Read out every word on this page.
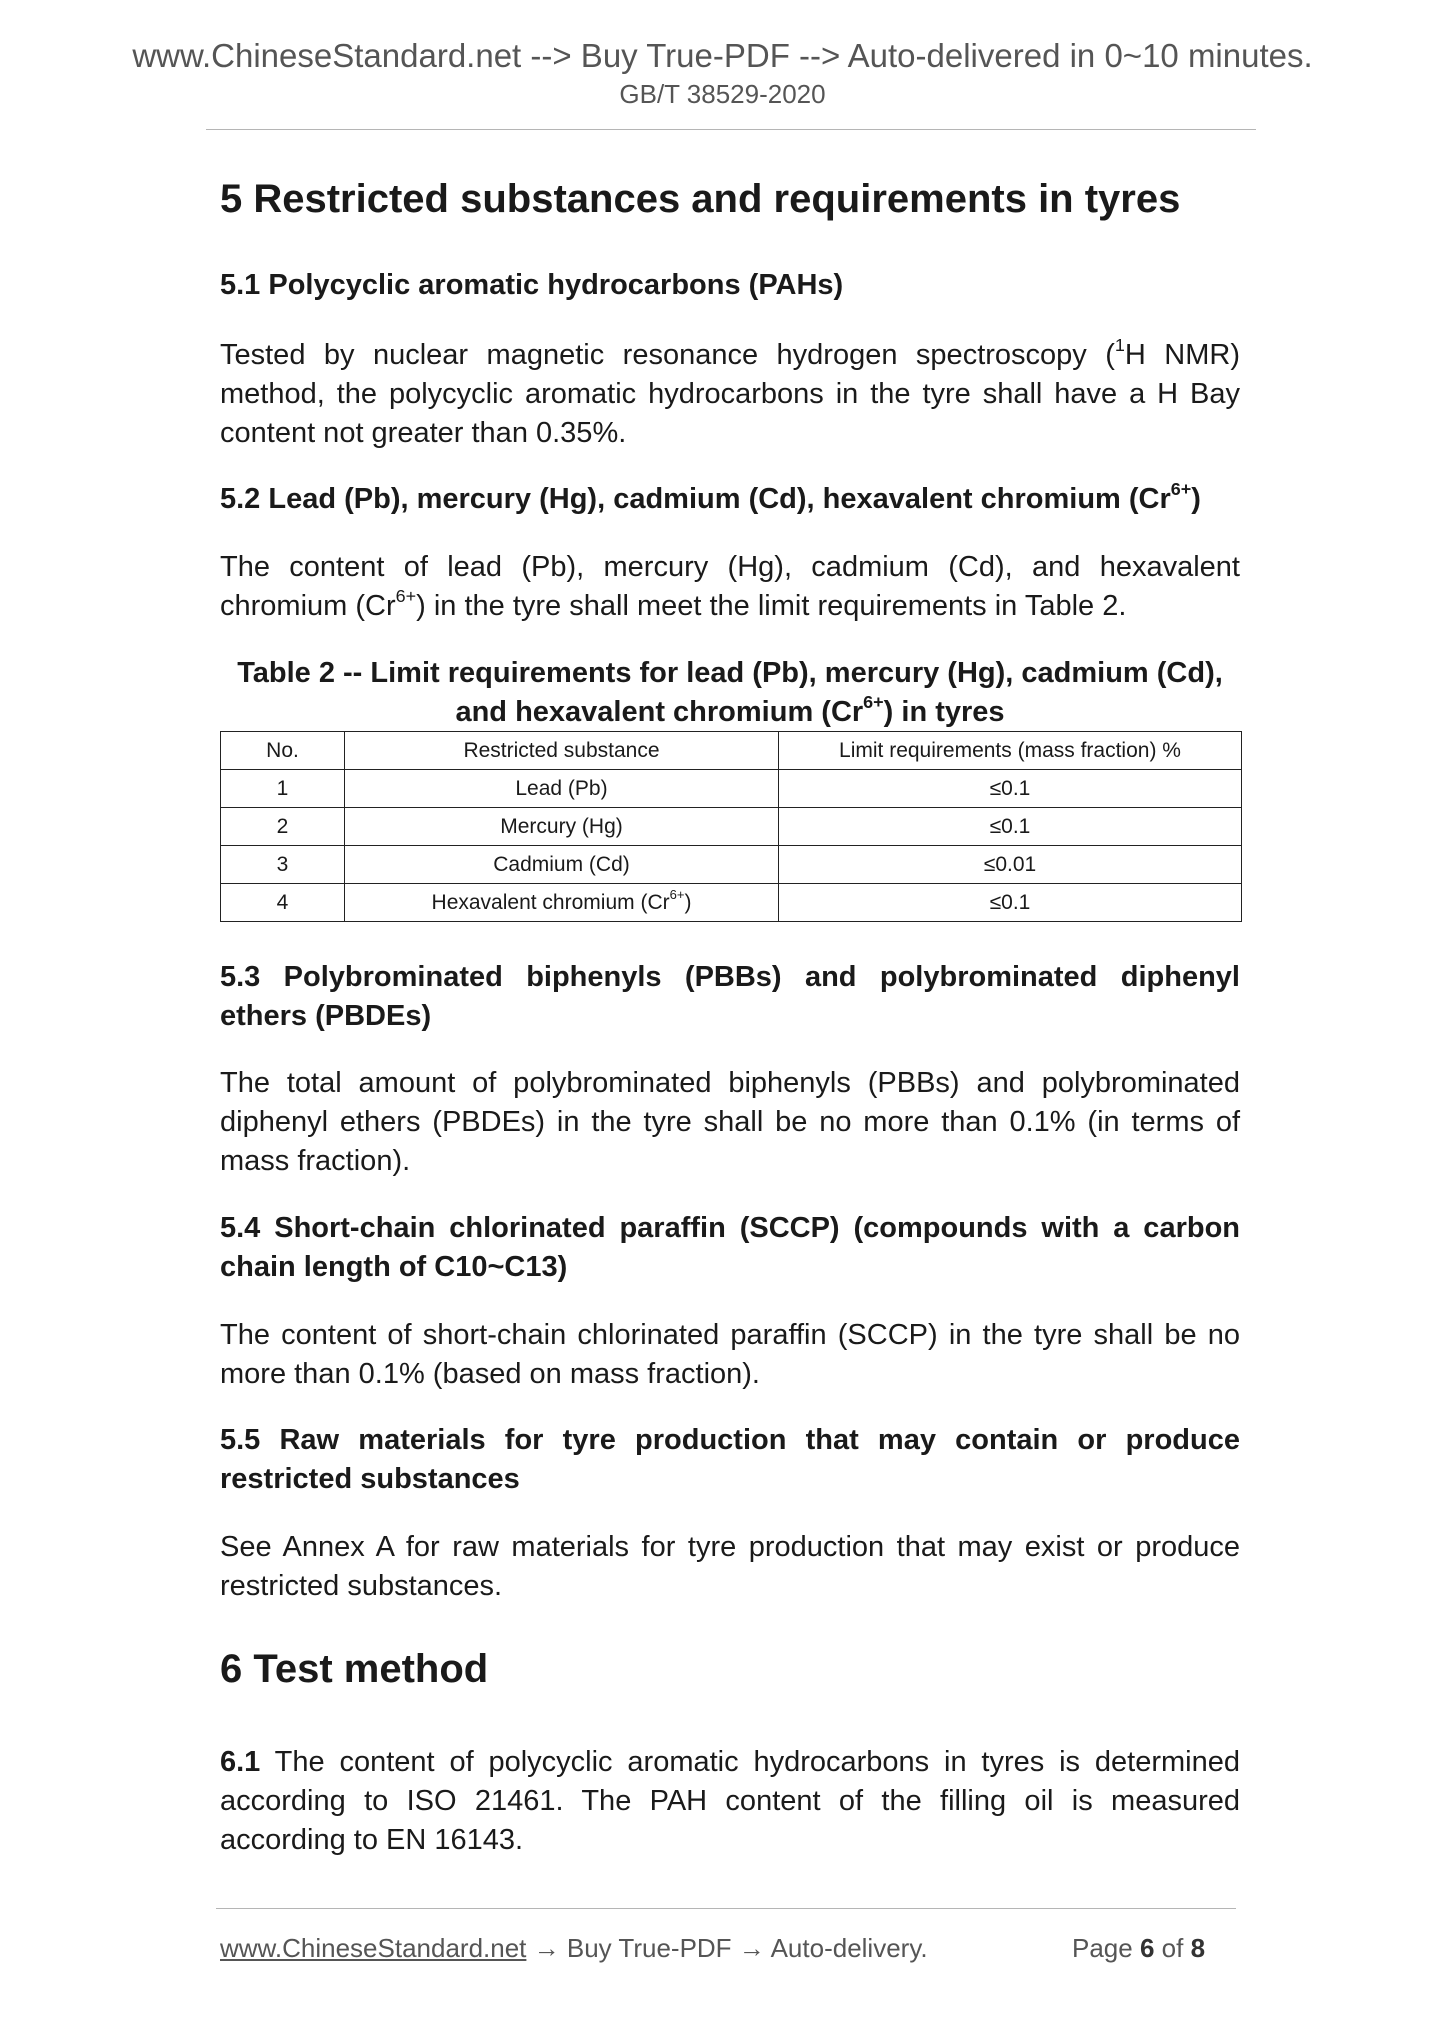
www.ChineseStandard.net --> Buy True-PDF --> Auto-delivered in 0~10 minutes.
GB/T 38529-2020
5 Restricted substances and requirements in tyres
5.1 Polycyclic aromatic hydrocarbons (PAHs)
Tested by nuclear magnetic resonance hydrogen spectroscopy ($^1$H NMR) method, the polycyclic aromatic hydrocarbons in the tyre shall have a H Bay content not greater than 0.35%.
5.2 Lead (Pb), mercury (Hg), cadmium (Cd), hexavalent chromium $(Cr^{6+})$
The content of lead (Pb), mercury (Hg), cadmium (Cd), and hexavalent chromium $(Cr^{6+})$ in the tyre shall meet the limit requirements in Table 2.
Table 2 -- Limit requirements for lead (Pb), mercury (Hg), cadmium (Cd),
and hexavalent chromium $(Cr^{6+})$ in tyres
No.	Restricted substance	Limit requirements (mass fraction) %
1	Lead (Pb)	≤0.1
2	Mercury (Hg)	≤0.1
3	Cadmium (Cd)	≤0.01
4	Hexavalent chromium $(Cr^{6+})$	≤0.1
5.3 Polybrominated biphenyls (PBBs) and polybrominated diphenyl
ethers (PBDEs)
The total amount of polybrominated biphenyls (PBBs) and polybrominated diphenyl ethers (PBDEs) in the tyre shall be no more than 0.1% (in terms of mass fraction).
5.4 Short-chain chlorinated paraffin (SCCP) (compounds with a carbon
chain length of C10~C13)
The content of short-chain chlorinated paraffin (SCCP) in the tyre shall be no more than 0.1% (based on mass fraction).
5.5 Raw materials for tyre production that may contain or produce
restricted substances
See Annex A for raw materials for tyre production that may exist or produce restricted substances.
6 Test method
6.1 The content of polycyclic aromatic hydrocarbons in tyres is determined according to ISO 21461. The PAH content of the filling oil is measured according to EN 16143.
www.ChineseStandard.net → Buy True-PDF → Auto-delivery.	Page 6 of 8
